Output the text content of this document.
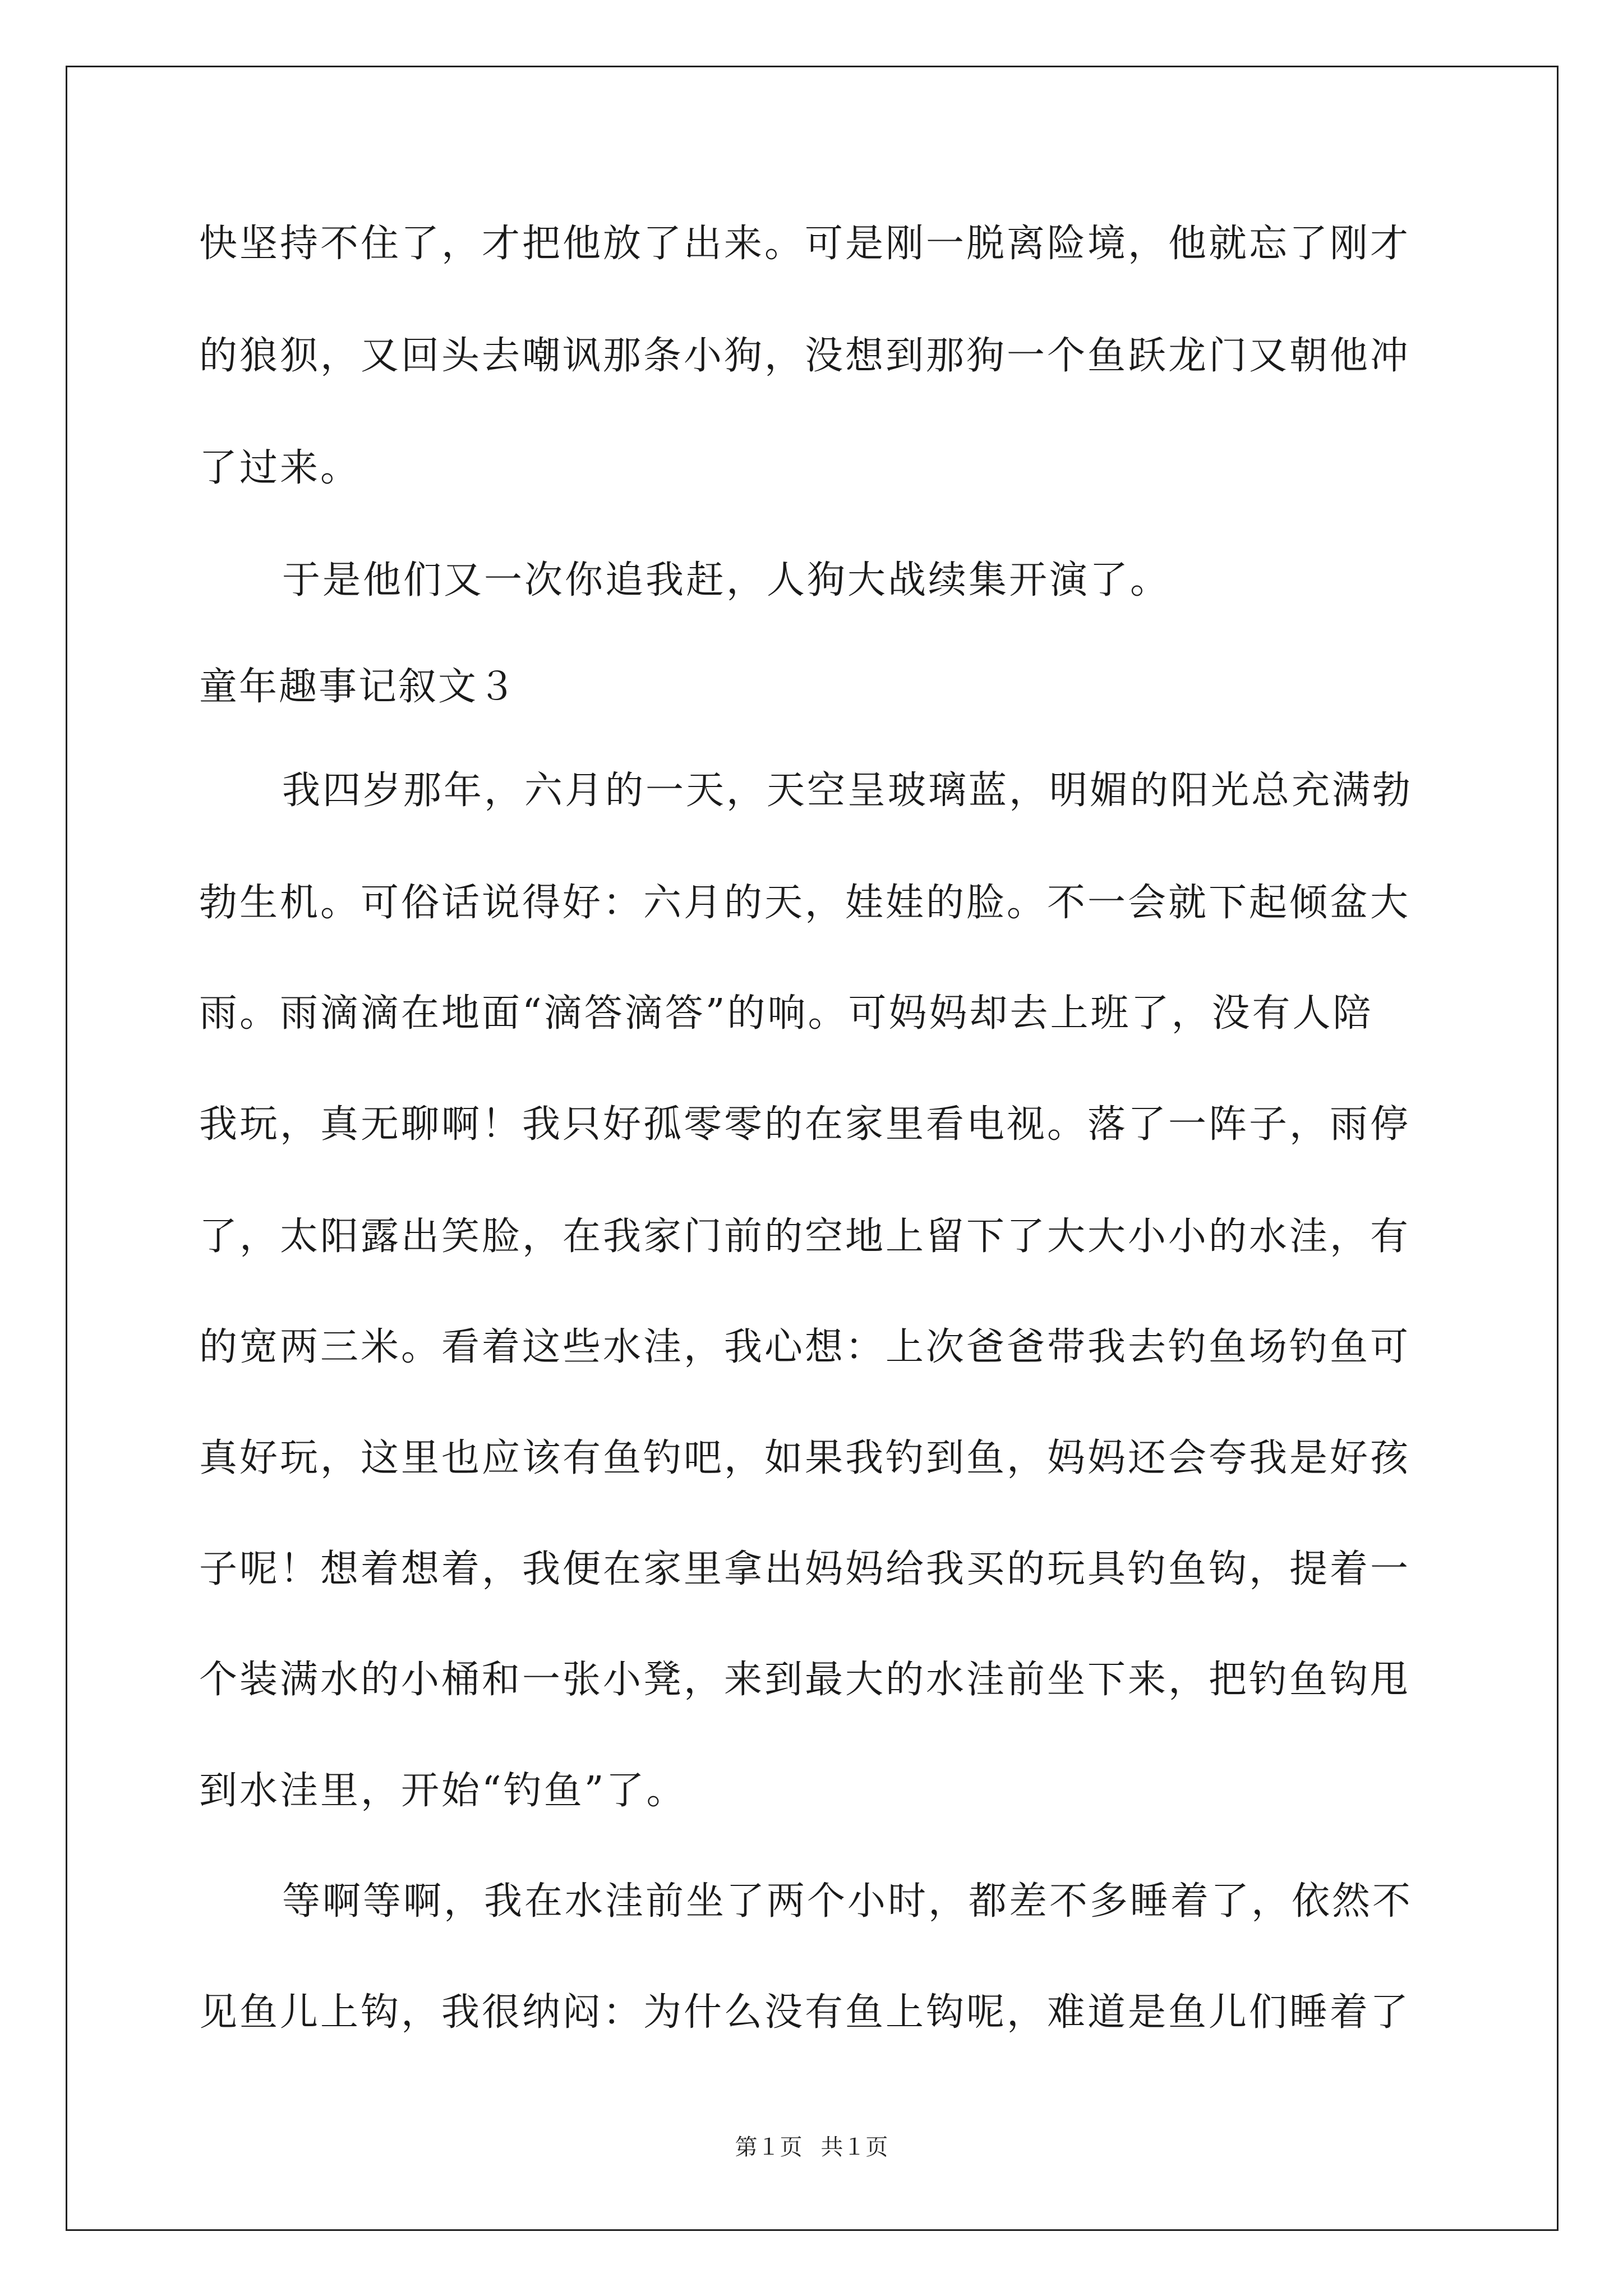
快坚持不住了，才把他放了出来。可是刚一脱离险境，他就忘了刚才
的狼狈，又回头去嘲讽那条小狗，没想到那狗一个鱼跃龙门又朝他冲
了过来。
于是他们又一次你追我赶，人狗大战续集开演了。
童年趣事记叙文３
我四岁那年，六月的一天，天空呈玻璃蓝，明媚的阳光总充满勃
勃生机。可俗话说得好：六月的天，娃娃的脸。不一会就下起倾盆大
雨。雨滴滴在地面“滴答滴答”的响。可妈妈却去上班了，没有人陪
我玩，真无聊啊！我只好孤零零的在家里看电视。落了一阵子，雨停
了，太阳露出笑脸，在我家门前的空地上留下了大大小小的水洼，有
的宽两三米。看着这些水洼，我心想：上次爸爸带我去钓鱼场钓鱼可
真好玩，这里也应该有鱼钓吧，如果我钓到鱼，妈妈还会夸我是好孩
子呢！想着想着，我便在家里拿出妈妈给我买的玩具钓鱼钩，提着一
个装满水的小桶和一张小凳，来到最大的水洼前坐下来，把钓鱼钩甩
到水洼里，开始“钓鱼”了。
等啊等啊，我在水洼前坐了两个小时，都差不多睡着了，依然不
见鱼儿上钩，我很纳闷：为什么没有鱼上钩呢，难道是鱼儿们睡着了
第１页 共１页
